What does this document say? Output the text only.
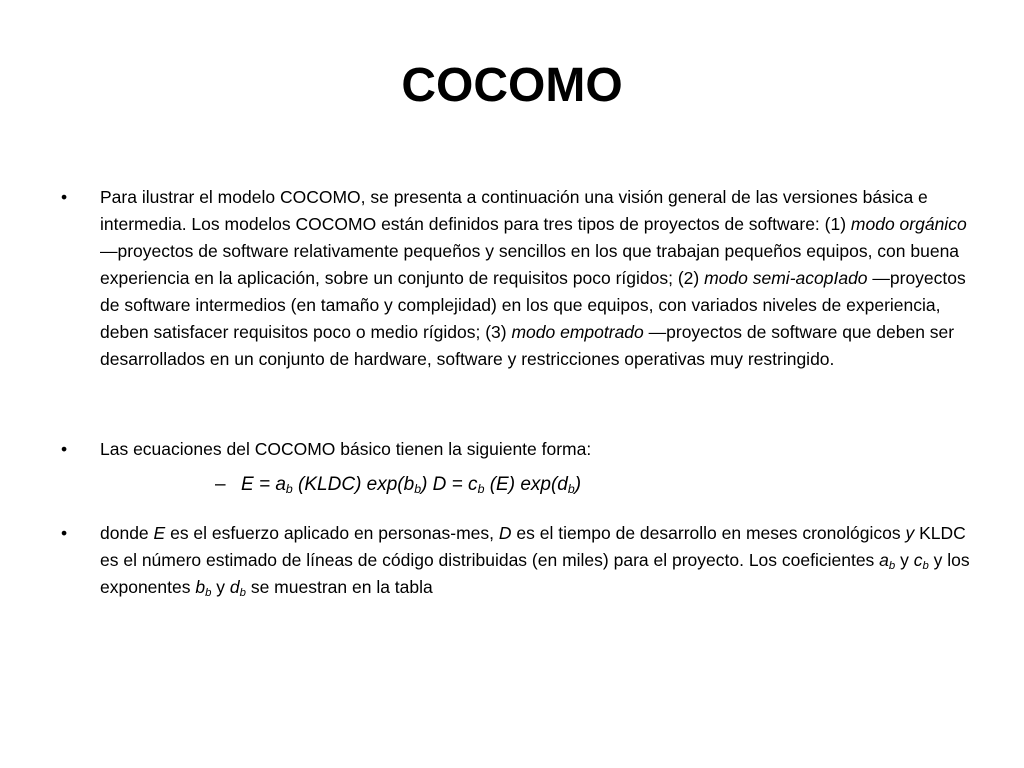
COCOMO
• Para ilustrar el modelo COCOMO, se presenta a continuación una visión general de las versiones básica e intermedia. Los modelos COCOMO están definidos para tres tipos de proyectos de software: (1) modo orgánico —proyectos de software relativamente pequeños y sencillos en los que trabajan pequeños equipos, con buena experiencia en la aplicación, sobre un conjunto de requisitos poco rígidos; (2) modo semi-acopIado —proyectos de software intermedios (en tamaño y complejidad) en los que equipos, con variados niveles de experiencia, deben satisfacer requisitos poco o medio rígidos; (3) modo empotrado —proyectos de software que deben ser desarrollados en un conjunto de hardware, software y restricciones operativas muy restringido.
• Las ecuaciones del COCOMO básico tienen la siguiente forma:
– $E = a_b$ (KLDC) $\exp(b_b) D = c_b$ (E) $\exp(d_b)$
• donde E es el esfuerzo aplicado en personas-mes, D es el tiempo de desarrollo en meses cronológicos y KLDC es el número estimado de líneas de código distribuidas (en miles) para el proyecto. Los coeficientes $a_b$ y $c_b$ y los exponentes $b_b$ y $d_b$ se muestran en la tabla
